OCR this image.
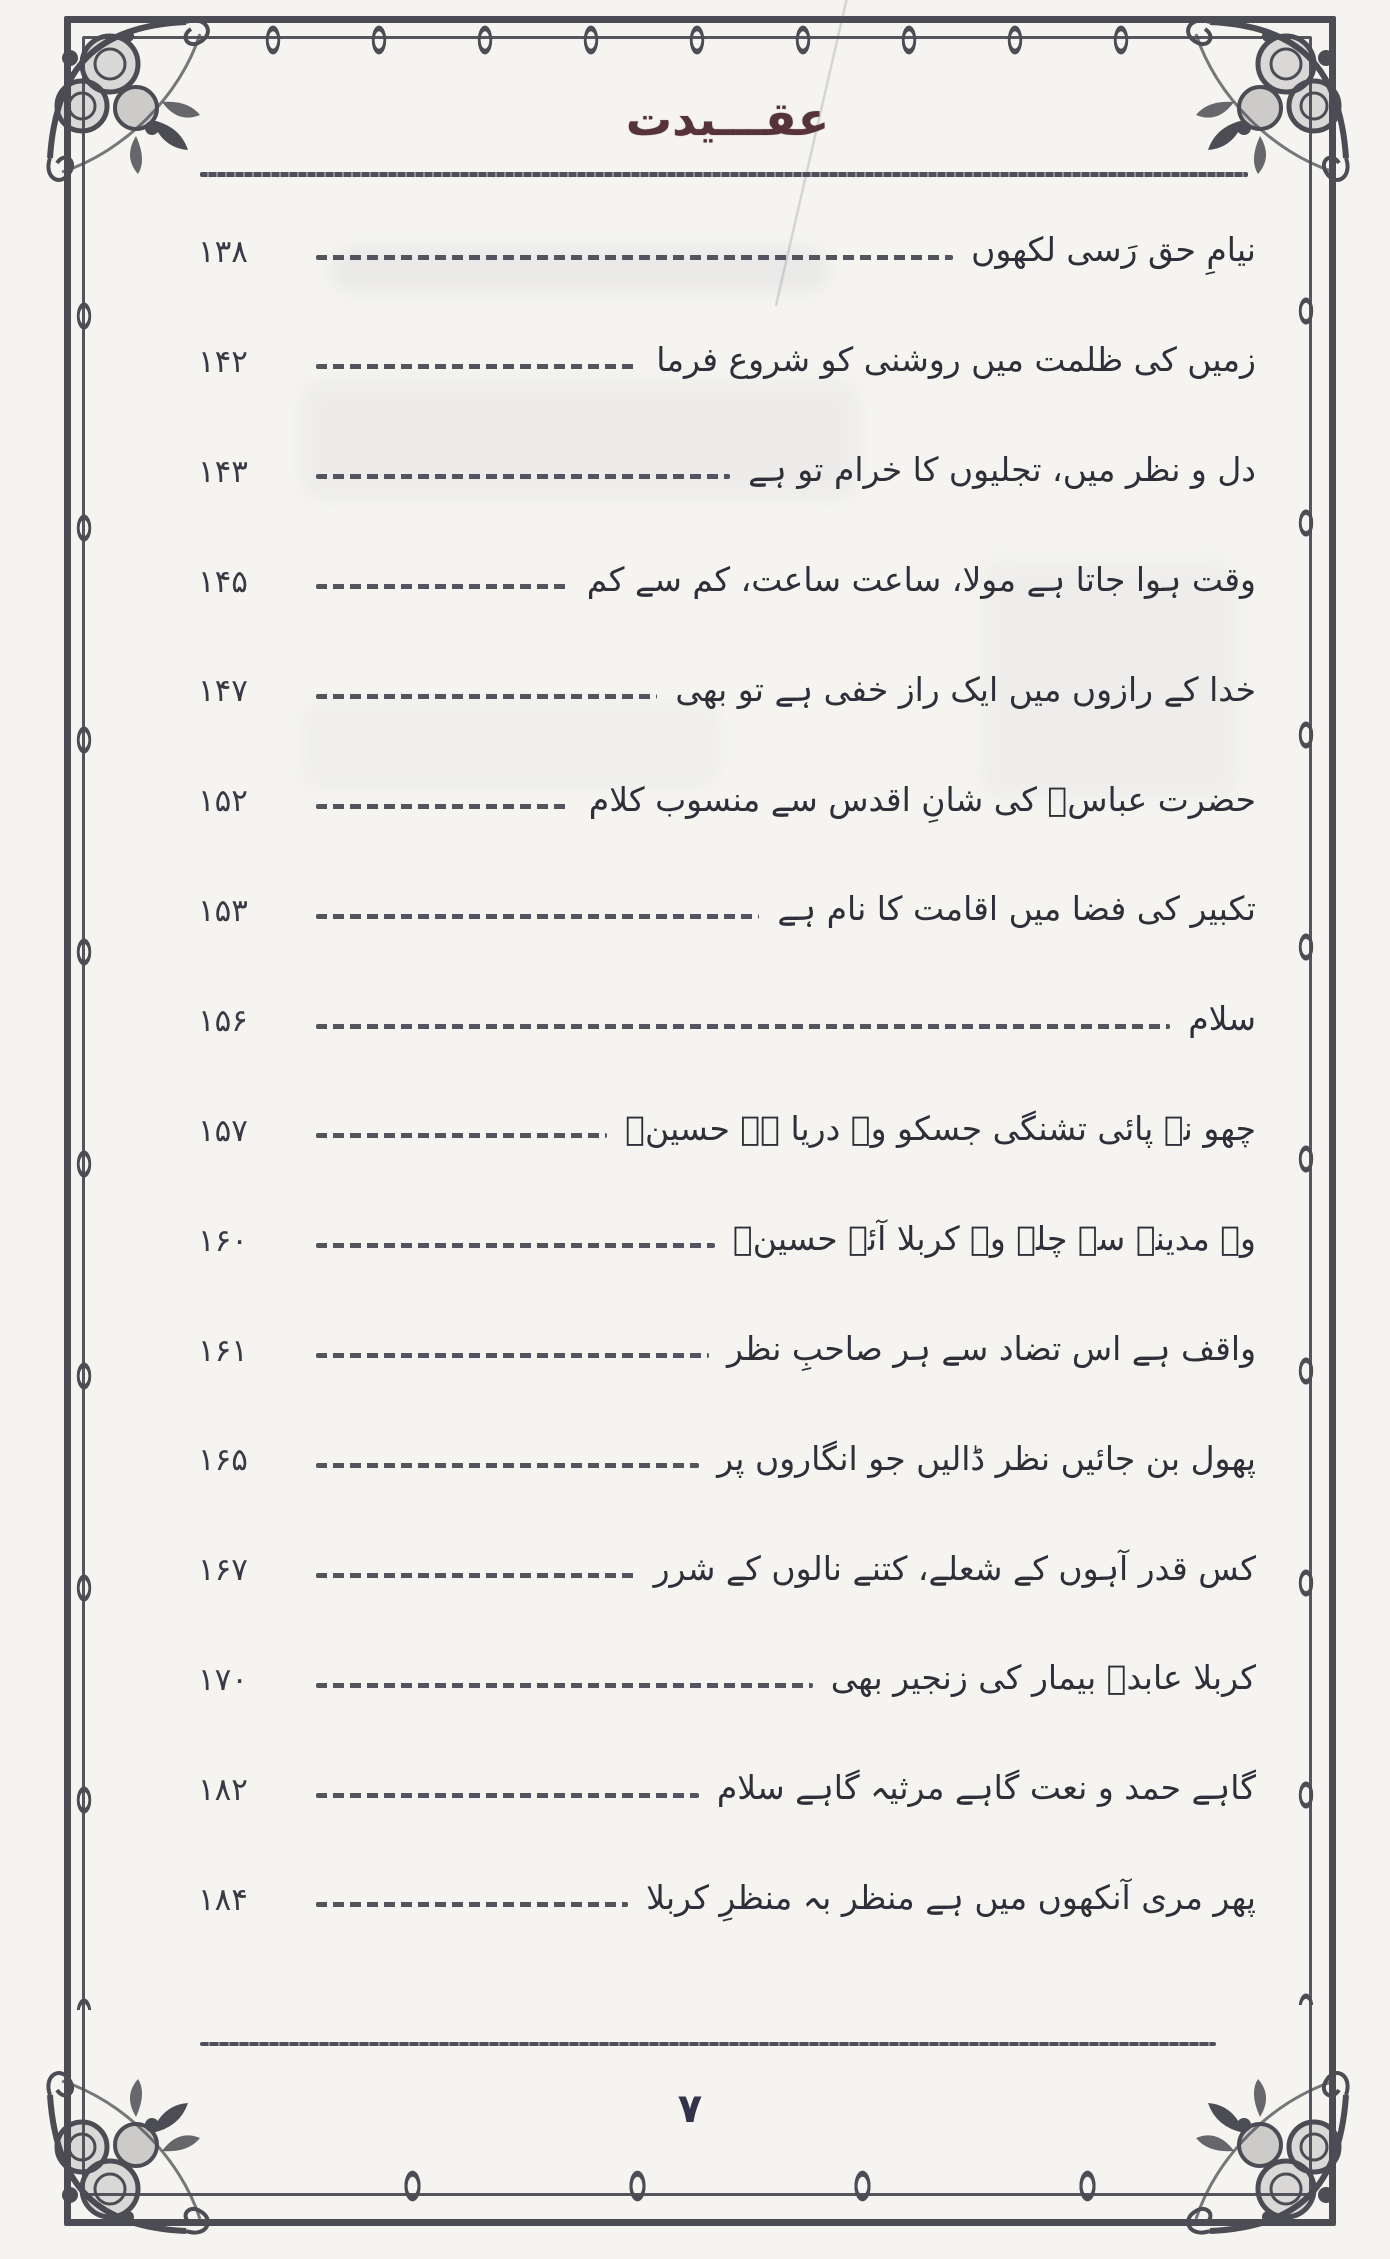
عقـــیدت
نیامِ حق رَسی لکھوں
۱۳۸
زمیں کی ظلمت میں روشنی کو شروع فرما
۱۴۲
دل و نظر میں، تجلیوں کا خرام تو ہے
۱۴۳
وقت ہوا جاتا ہے مولا، ساعت ساعت، کم سے کم
۱۴۵
خدا کے رازوں میں ایک راز خفی ہے تو بھی
۱۴۷
حضرت عباسؑ کی شانِ اقدس سے منسوب کلام
۱۵۲
تکبیر کی فضا میں اقامت کا نام ہے
۱۵۳
سلام
۱۵۶
چھو نہ پائی تشنگی جسکو وہ دریا ہے حسینؑ
۱۵۷
وہ مدینے سے چلے وہ کربلا آئے حسینؑ
۱۶۰
واقف ہے اس تضاد سے ہر صاحبِ نظر
۱۶۱
پھول بن جائیں نظر ڈالیں جو انگاروں پر
۱۶۵
کس قدر آہوں کے شعلے، کتنے نالوں کے شرر
۱۶۷
کربلا عابدؑ بیمار کی زنجیر بھی
۱۷۰
گاہے حمد و نعت گاہے مرثیہ گاہے سلام
۱۸۲
پھر مری آنکھوں میں ہے منظر بہ منظرِ کربلا
۱۸۴
۷
